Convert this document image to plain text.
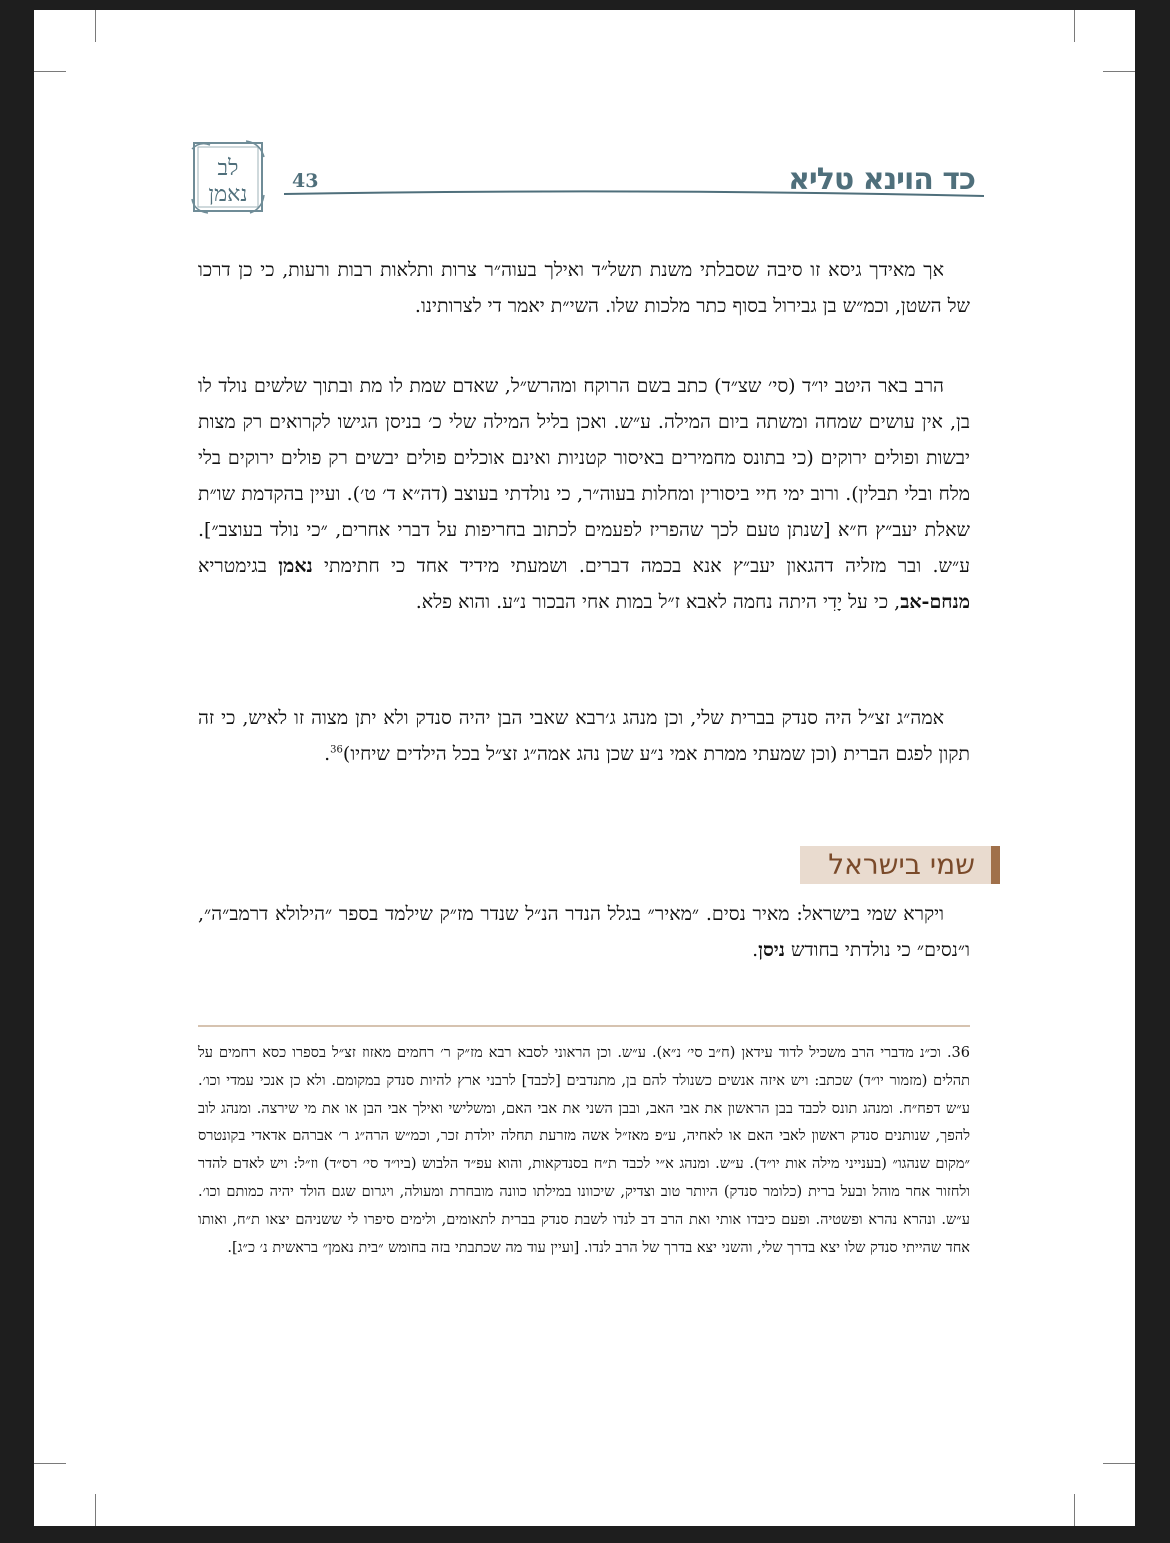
לב
נאמן
43	כד הוינא טליא

אך מאידך גיסא זו סיבה שסבלתי משנת תשל״ד ואילך בעוה״ר צרות ותלאות רבות ורעות, כי כן דרכו של השטן, וכמ״ש בן גבירול בסוף כתר מלכות שלו. השי״ת יאמר די לצרותינו.

הרב באר היטב יו״ד (סי׳ שצ״ד) כתב בשם הרוקח ומהרש״ל, שאדם שמת לו מת ובתוך שלשים נולד לו בן, אין עושים שמחה ומשתה ביום המילה. ע״ש. ואכן בליל המילה שלי כ׳ בניסן הגישו לקרואים רק מצות יבשות ופולים ירוקים (כי בתונס מחמירים באיסור קטניות ואינם אוכלים פולים יבשים רק פולים ירוקים בלי מלח ובלי תבלין). ורוב ימי חיי ביסורין ומחלות בעוה״ר, כי נולדתי בעוצב (דה״א ד׳ ט׳). ועיין בהקדמת שו״ת שאלת יעב״ץ ח״א [שנתן טעם לכך שהפריז לפעמים לכתוב בחריפות על דברי אחרים, ״כי נולד בעוצב״]. ע״ש. ובר מזליה דהגאון יעב״ץ אנא בכמה דברים. ושמעתי מידיד אחד כי חתימתי נאמן בגימטריא מנחם-אב, כי על יָדִי היתה נחמה לאבא ז״ל במות אחי הבכור נ״ע. והוא פלא.

אמה״ג זצ״ל היה סנדק בברית שלי, וכן מנהג ג׳רבא שאבי הבן יהיה סנדק ולא יתן מצוה זו לאיש, כי זה תקון לפגם הברית (וכן שמעתי ממרת אמי נ״ע שכן נהג אמה״ג זצ״ל בכל הילדים שיחיו)$^{36}$.

שמי בישראל

ויקרא שמי בישראל: מאיר נסים. ״מאיר״ בגלל הנדר הנ״ל שנדר מז״ק שילמד בספר ״הילולא דרמב״ה״, ו״נסים״ כי נולדתי בחודש ניסן.

36. וכ״נ מדברי הרב משכיל לדוד עידאן (ח״ב סי׳ נ״א). ע״ש. וכן הראוני לסבא רבא מז״ק ר׳ רחמים מאזוז זצ״ל בספרו כסא רחמים על תהלים (מזמור יו״ד) שכתב: ויש איזה אנשים כשנולד להם בן, מתנדבים [לכבד] לרבני ארץ להיות סנדק במקומם. ולא כן אנכי עמדי וכו׳. ע״ש דפח״ח. ומנהג תונס לכבד בבן הראשון את אבי האב, ובבן השני את אבי האם, ומשלישי ואילך אבי הבן או את מי שירצה. ומנהג לוב להפך, שנותנים סנדק ראשון לאבי האם או לאחיה, ע״פ מאז״ל אשה מזרעת תחלה יולדת זכר, וכמ״ש הרה״ג ר׳ אברהם אדאדי בקונטרס ״מקום שנהגו״ (בענייני מילה אות יו״ד). ע״ש. ומנהג א״י לכבד ת״ח בסנדקאות, והוא עפ״ד הלבוש (ביו״ד סי׳ רס״ד) וז״ל: ויש לאדם להדר ולחזור אחר מוהל ובעל ברית (כלומר סנדק) היותר טוב וצדיק, שיכוונו במילתו כוונה מובחרת ומעולה, ויגרום שגם הולד יהיה כמותם וכו׳. ע״ש. ונהרא נהרא ופשטיה. ופעם כיבדו אותי ואת הרב דב לנדו לשבת סנדק בברית לתאומים, ולימים סיפרו לי ששניהם יצאו ת״ח, ואותו אחד שהייתי סנדק שלו יצא בדרך שלי, והשני יצא בדרך של הרב לנדו. [ועיין עוד מה שכתבתי בזה בחומש ״בית נאמן״ בראשית נ׳ כ״ג].
